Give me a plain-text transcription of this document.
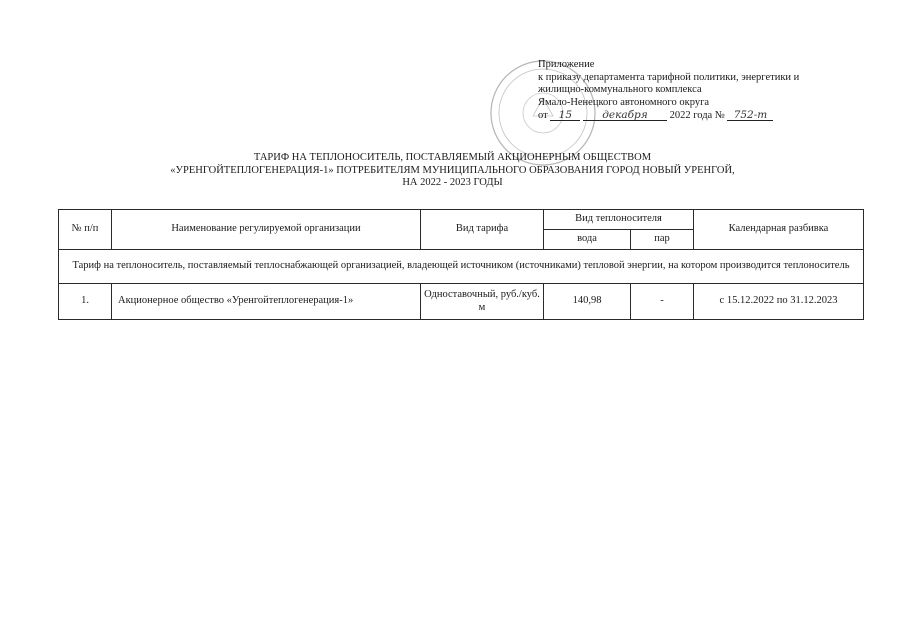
Приложение
к приказу департамента тарифной политики, энергетики и
жилищно-коммунального комплекса
Ямало-Ненецкого автономного округа
от 15	декабря 2022 года № 752-т
ТАРИФ НА ТЕПЛОНОСИТЕЛЬ, ПОСТАВЛЯЕМЫЙ АКЦИОНЕРНЫМ ОБЩЕСТВОМ
«УРЕНГОЙТЕПЛОГЕНЕРАЦИЯ-1» ПОТРЕБИТЕЛЯМ МУНИЦИПАЛЬНОГО ОБРАЗОВАНИЯ ГОРОД НОВЫЙ УРЕНГОЙ,
НА 2022 - 2023 ГОДЫ
№ п/п	Наименование регулируемой организации	Вид тарифа	Вид теплоносителя		Календарная разбивка
			вода	пар	
Тариф на теплоноситель, поставляемый теплоснабжающей организацией, владеющей источником (источниками) тепловой энергии, на котором производится теплоноситель					
1.	Акционерное общество «Уренгойтеплогенерация-1»	Одноставочный, руб./куб. м	140,98	-	с 15.12.2022 по 31.12.2023
